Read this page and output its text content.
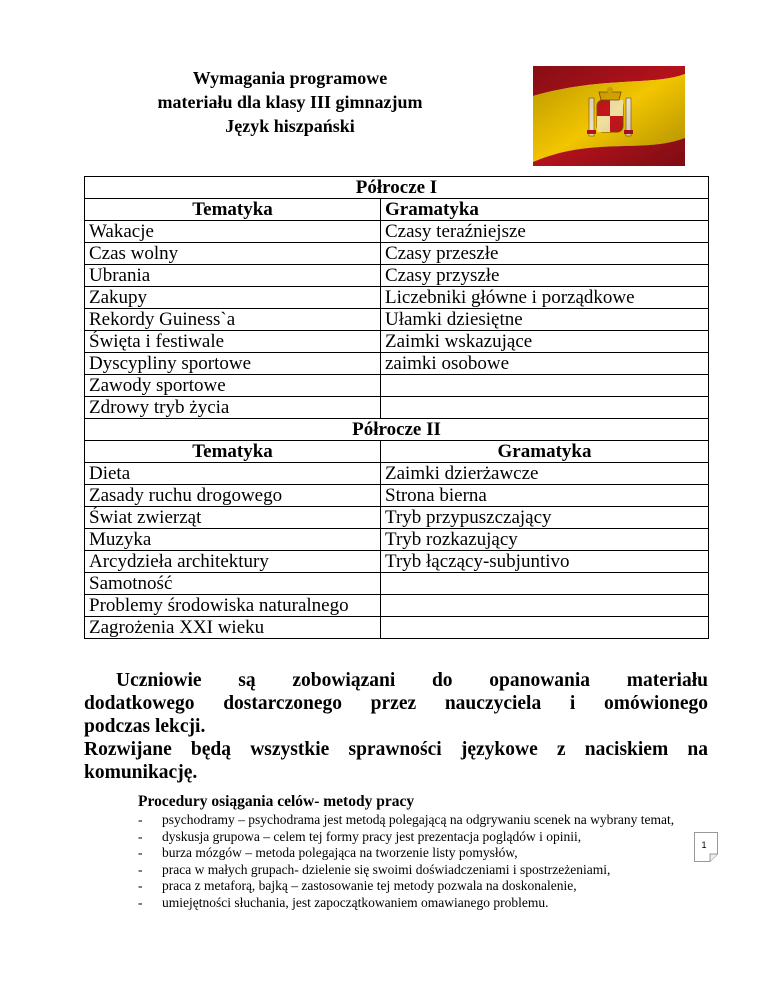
Wymagania programowe
materiału dla klasy III gimnazjum
Język hiszpański
Półrocze I	
Tematyka	Gramatyka
Wakacje	Czasy teraźniejsze
Czas wolny	Czasy przeszłe
Ubrania	Czasy przyszłe
Zakupy	Liczebniki główne i porządkowe
Rekordy Guiness`a	Ułamki dziesiętne
Święta i festiwale	Zaimki wskazujące
Dyscypliny sportowe	zaimki osobowe
Zawody sportowe	
Zdrowy tryb życia	
Półrocze II	
Tematyka	Gramatyka
Dieta	Zaimki dzierżawcze
Zasady ruchu drogowego	Strona bierna
Świat zwierząt	Tryb przypuszczający
Muzyka	Tryb rozkazujący
Arcydzieła architektury	Tryb łączący-subjuntivo
Samotność	
Problemy środowiska naturalnego	
Zagrożenia XXI wieku	

Uczniowie są zobowiązani do opanowania materiału

dodatkowego dostarczonego przez nauczyciela i omówionego

podczas lekcji.

Rozwijane będą wszystkie sprawności językowe z naciskiem na

komunikację.

Procedury osiągania celów- metody pracy
- psychodramy – psychodrama jest metodą polegającą na odgrywaniu scenek na wybrany temat,
- dyskusja grupowa – celem tej formy pracy jest prezentacja poglądów i opinii,
- burza mózgów – metoda polegająca na tworzenie listy pomysłów,
- praca w małych grupach- dzielenie się swoimi doświadczeniami i spostrzeżeniami,
- praca z metaforą, bajką – zastosowanie tej metody pozwala na doskonalenie,
- umiejętności słuchania, jest zapoczątkowaniem omawianego problemu.
1
